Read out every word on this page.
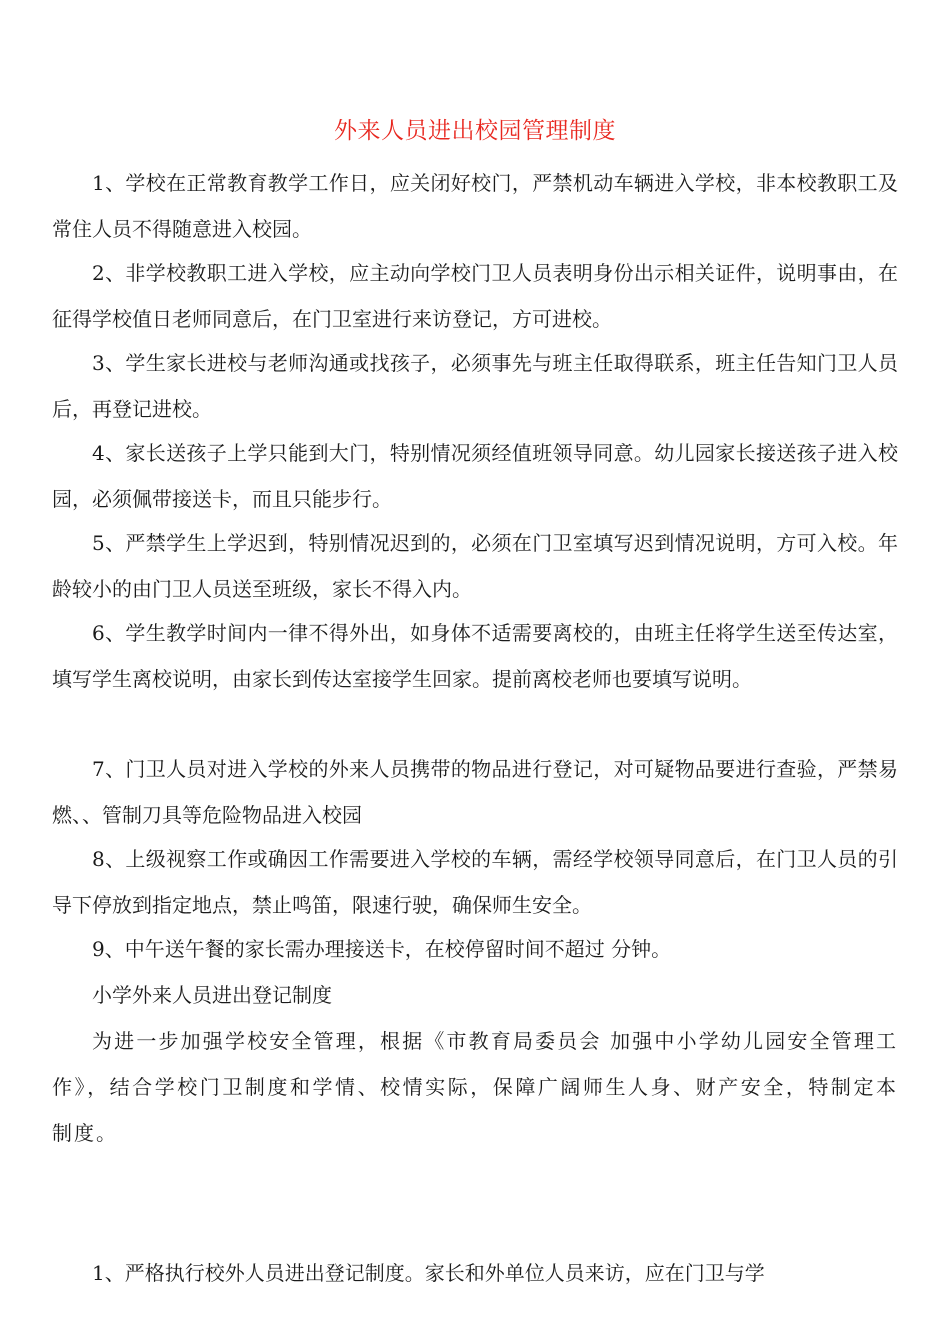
外来人员进出校园管理制度

1、学校在正常教育教学工作日，应关闭好校门，严禁机动车辆进入学校，非本校教职工及常住人员不得随意进入校园。

2、非学校教职工进入学校，应主动向学校门卫人员表明身份出示相关证件，说明事由，在征得学校值日老师同意后，在门卫室进行来访登记，方可进校。

3、学生家长进校与老师沟通或找孩子，必须事先与班主任取得联系，班主任告知门卫人员后，再登记进校。

4、家长送孩子上学只能到大门，特别情况须经值班领导同意。幼儿园家长接送孩子进入校园，必须佩带接送卡，而且只能步行。

5、严禁学生上学迟到，特别情况迟到的，必须在门卫室填写迟到情况说明，方可入校。年龄较小的由门卫人员送至班级，家长不得入内。

6、学生教学时间内一律不得外出，如身体不适需要离校的，由班主任将学生送至传达室，填写学生离校说明，由家长到传达室接学生回家。提前离校老师也要填写说明。

7、门卫人员对进入学校的外来人员携带的物品进行登记，对可疑物品要进行查验，严禁易燃、、管制刀具等危险物品进入校园

8、上级视察工作或确因工作需要进入学校的车辆，需经学校领导同意后，在门卫人员的引导下停放到指定地点，禁止鸣笛，限速行驶，确保师生安全。

9、中午送午餐的家长需办理接送卡，在校停留时间不超过 分钟。

小学外来人员进出登记制度

为进一步加强学校安全管理，根据《市教育局委员会 加强中小学幼儿园安全管理工作》，结合学校门卫制度和学情、校情实际，保障广阔师生人身、财产安全，特制定本制度。

1、严格执行校外人员进出登记制度。家长和外单位人员来访，应在门卫与学
